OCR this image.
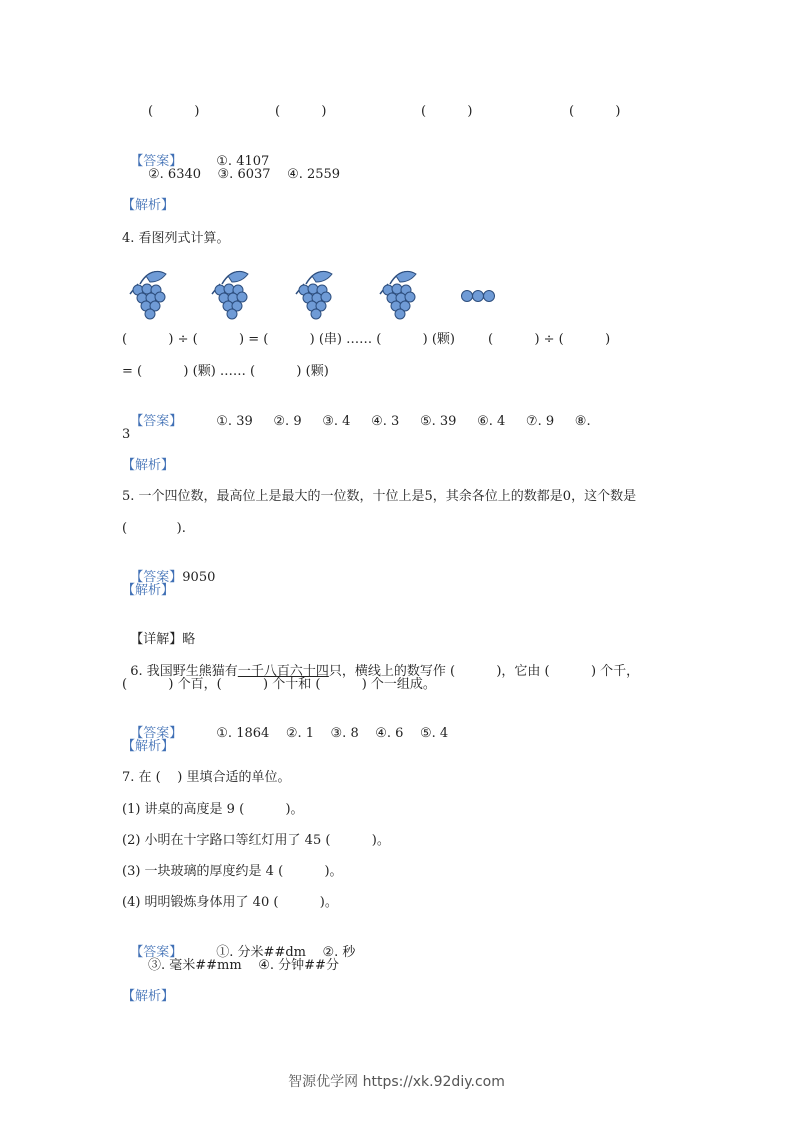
(          )	(          )	(          )	(          )

【答案】	①. 4107

②. 6340    ③. 6037    ④. 2559
【解析】
4. 看图列式计算。
(          ) ÷ (          ) = (          ) (串) …… (          ) (颗)        (          ) ÷ (          )
= (          ) (颗) …… (          ) (颗)

【答案】	①. 39     ②. 9     ③. 4     ④. 3     ⑤. 39     ⑥. 4     ⑦. 9     ⑧.

3
【解析】
5. 一个四位数，最高位上是最大的一位数，十位上是5，其余各位上的数都是0，这个数是
(            ).

【答案】9050

【解析】

【详解】略

6. 我国野生熊猫有一千八百六十四只，横线上的数写作 (          )，它由 (          ) 个千，

(          ) 个百，(          ) 个十和 (          ) 个一组成。

【答案】	①. 1864    ②. 1    ③. 8    ④. 6    ⑤. 4

【解析】
7. 在 (    ) 里填合适的单位。
(1) 讲桌的高度是 9 (          )。
(2) 小明在十字路口等红灯用了 45 (          )。
(3) 一块玻璃的厚度约是 4 (          )。
(4) 明明锻炼身体用了 40 (          )。

【答案】	①. 分米##dm    ②. 秒

③. 毫米##mm    ④. 分钟##分
【解析】
智源优学网 https://xk.92diy.com
